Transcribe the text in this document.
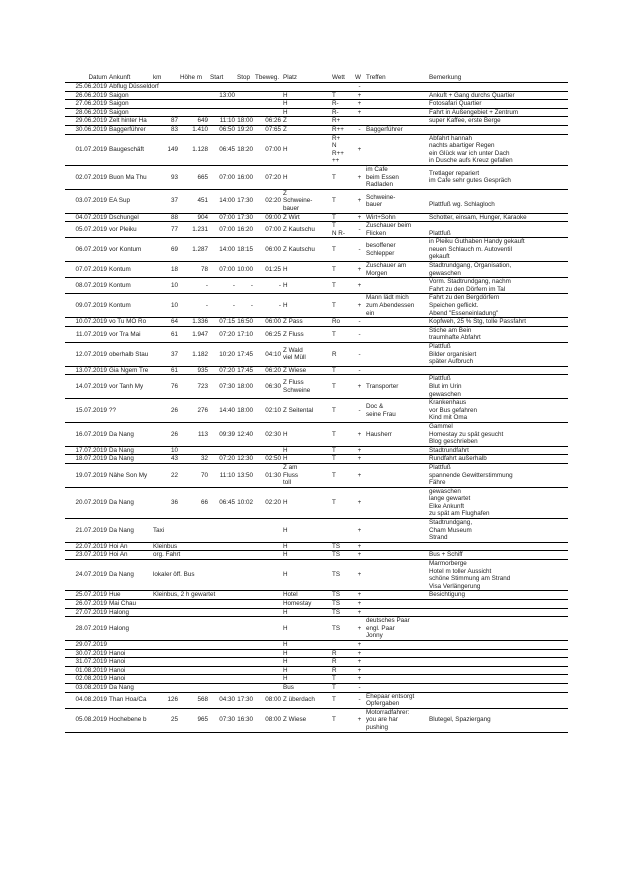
Datum	Ankunft	km	Höhe m	Start	Stop	Tbeweg.	Platz	Wett	W	Treffen	Bemerkung

25.06.2019	Abflug Düsseldorf								-		

26.06.2019	Saigon			13:00			H	T	+		Ankuft + Gang durchs Quartier

27.06.2019	Saigon						H	R-	+		Fotosafari Quartier

28.06.2019	Saigon						H	R-	+		Fahrt in Außengebiet + Zentrum

29.06.2019	Zelt hinter Ha	87	649	11:10	18:00	06:26	Z	R+			super Kaffee, erste Berge

30.06.2019	Baggerführer	83	1.410	06:50	19:20	07:65	Z	R++	-	Baggerführer	

01.07.2019	Baugeschäft	149	1.128	06:45	18:20	07:00	H	R+
N
R++
++	+		Abfahrt hannah
nachts abartiger Regen
ein Glück war ich unter Dach
in Dusche aufs Kreuz gefallen

02.07.2019	Buon Ma Thu	93	665	07:00	16:00	07:20	H	T	+	im Cafe
beim Essen
Radladen	Tretlager repariert
im Cafe sehr gutes Gespräch

03.07.2019	EA Sup	37	451	14:00	17:30	02:20	Z
Schweine-
bauer	T	+	Schweine-
bauer	Plattfuß wg. Schlagloch

04.07.2019	Dschungel	88	904	07:00	17:30	09:00	Z Wirt	T	+	Wirt+Sohn	Schotter, einsam, Hunger, Karaoke

05.07.2019	vor Pleiku	77	1.231	07:00	16:20	07:00	Z Kautschu	T
N R-	-	Zuschauer beim
Flicken	Plattfuß

06.07.2019	vor Kontum	69	1.287	14:00	18:15	06:00	Z Kautschu	T	-	besoffener
Schlepper	in Pleiku Guthaben Handy gekauft
neuen Schlauch m. Autoventil
gekauft

07.07.2019	Kontum	18	78	07:00	10:00	01:25	H	T	+	Zuschauer am
Morgen	Stadtrundgang, Organisation,
gewaschen

08.07.2019	Kontum	10	-	-	-	-	H	T	+		Vorm. Stadtrundgang, nachm
Fahrt zu den Dörfern im Tal

09.07.2019	Kontum	10	-	-	-	-	H	T	+	Mann lädt mich
zum Abendessen
ein	Fahrt zu den Bergdörfern
Speichen geflickt.
Abend "Esseneinladung"

10.07.2019	vo Tu MO Ro	64	1.336	07:15	16:50	06:00	Z Pass	Ro	-		Kopfweh, 25 % Stg, tolle Passfahrt

11.07.2019	vor Tra Mai	61	1.947	07:20	17:10	06:25	Z Fluss	T	-		Stiche am Bein
traumhafte Abfahrt

12.07.2019	oberhalb Stau	37	1.182	10:20	17:45	04:10	Z Wald
viel Müll	R	-		Plattfuß
Bilder organisiert
später Aufbruch

13.07.2019	Gia Ngem Tre	61	935	07:20	17:45	06:20	Z Wiese	T	-		

14.07.2019	vor Tanh My	76	723	07:30	18:00	06:30	Z Fluss
Schweine	T	+	Transporter	Plattfuß
Blut im Urin
gewaschen

15.07.2019	??	26	276	14:40	18:00	02:10	Z Seitental	T	-	Doc &
seine Frau	Krankenhaus
vor Bus gefahren
Kind mit Oma

16.07.2019	Da Nang	26	113	09:39	12:40	02:30	H	T	+	Hausherr	Gammel
Homestay zu spät gesucht
Blog geschrieben

17.07.2019	Da Nang	10					H	T	+		Stadtrundfahrt

18.07.2019	Da Nang	43	32	07:20	12:30	02:50	H	T	+		Rundfahrt außerhalb

19.07.2019	Nähe Son My	22	70	11:10	13:50	01:30	Z am
Fluss
toll	T	+		Plattfuß
spannende Gewitterstimmung
Fähre

20.07.2019	Da Nang	36	66	06:45	10:02	02:20	H	T	+		gewaschen
lange gewartet
Elke Ankunft
zu spät am Flughafen

21.07.2019	Da Nang	Taxi					H		+		Stadtrundgang,
Cham Museum
Strand

22.07.2019	Hoi An	Kleinbus					H	TS	+		

23.07.2019	Hoi An	org. Fahrt					H	TS	+		Bus + Schiff

24.07.2019	Da Nang	lokaler öff. Bus					H	TS	+		Marmorberge
Hotel m toller Aussicht
schöne Stimmung am Strand
Visa Verlängerung

25.07.2019	Hue	Kleinbus, 2 h gewartet					Hotel	TS	+		Besichtigung

26.07.2019	Mai Chau						Homestay	TS	+		

27.07.2019	Halong						H	TS	+		

28.07.2019	Halong						H	TS	+	deutsches Paar
engl. Paar
Jonny	

29.07.2019							H		+		

30.07.2019	Hanoi						H	R	+		

31.07.2019	Hanoi						H	R	+		

01.08.2019	Hanoi						H	R	+		

02.08.2019	Hanoi						H	T	+		

03.08.2019	Da Nang						Bus	T	-		

04.08.2019	Than Hoa/Ca	126	568	04:30	17:30	08:00	Z überdach	T	-	Ehepaar entsorgt
Opfergaben	

05.08.2019	Hochebene b	25	965	07:30	16:30	08:00	Z Wiese	T	+	Motorradfahrer:
you are har
pushing	Blutegel, Spaziergang
